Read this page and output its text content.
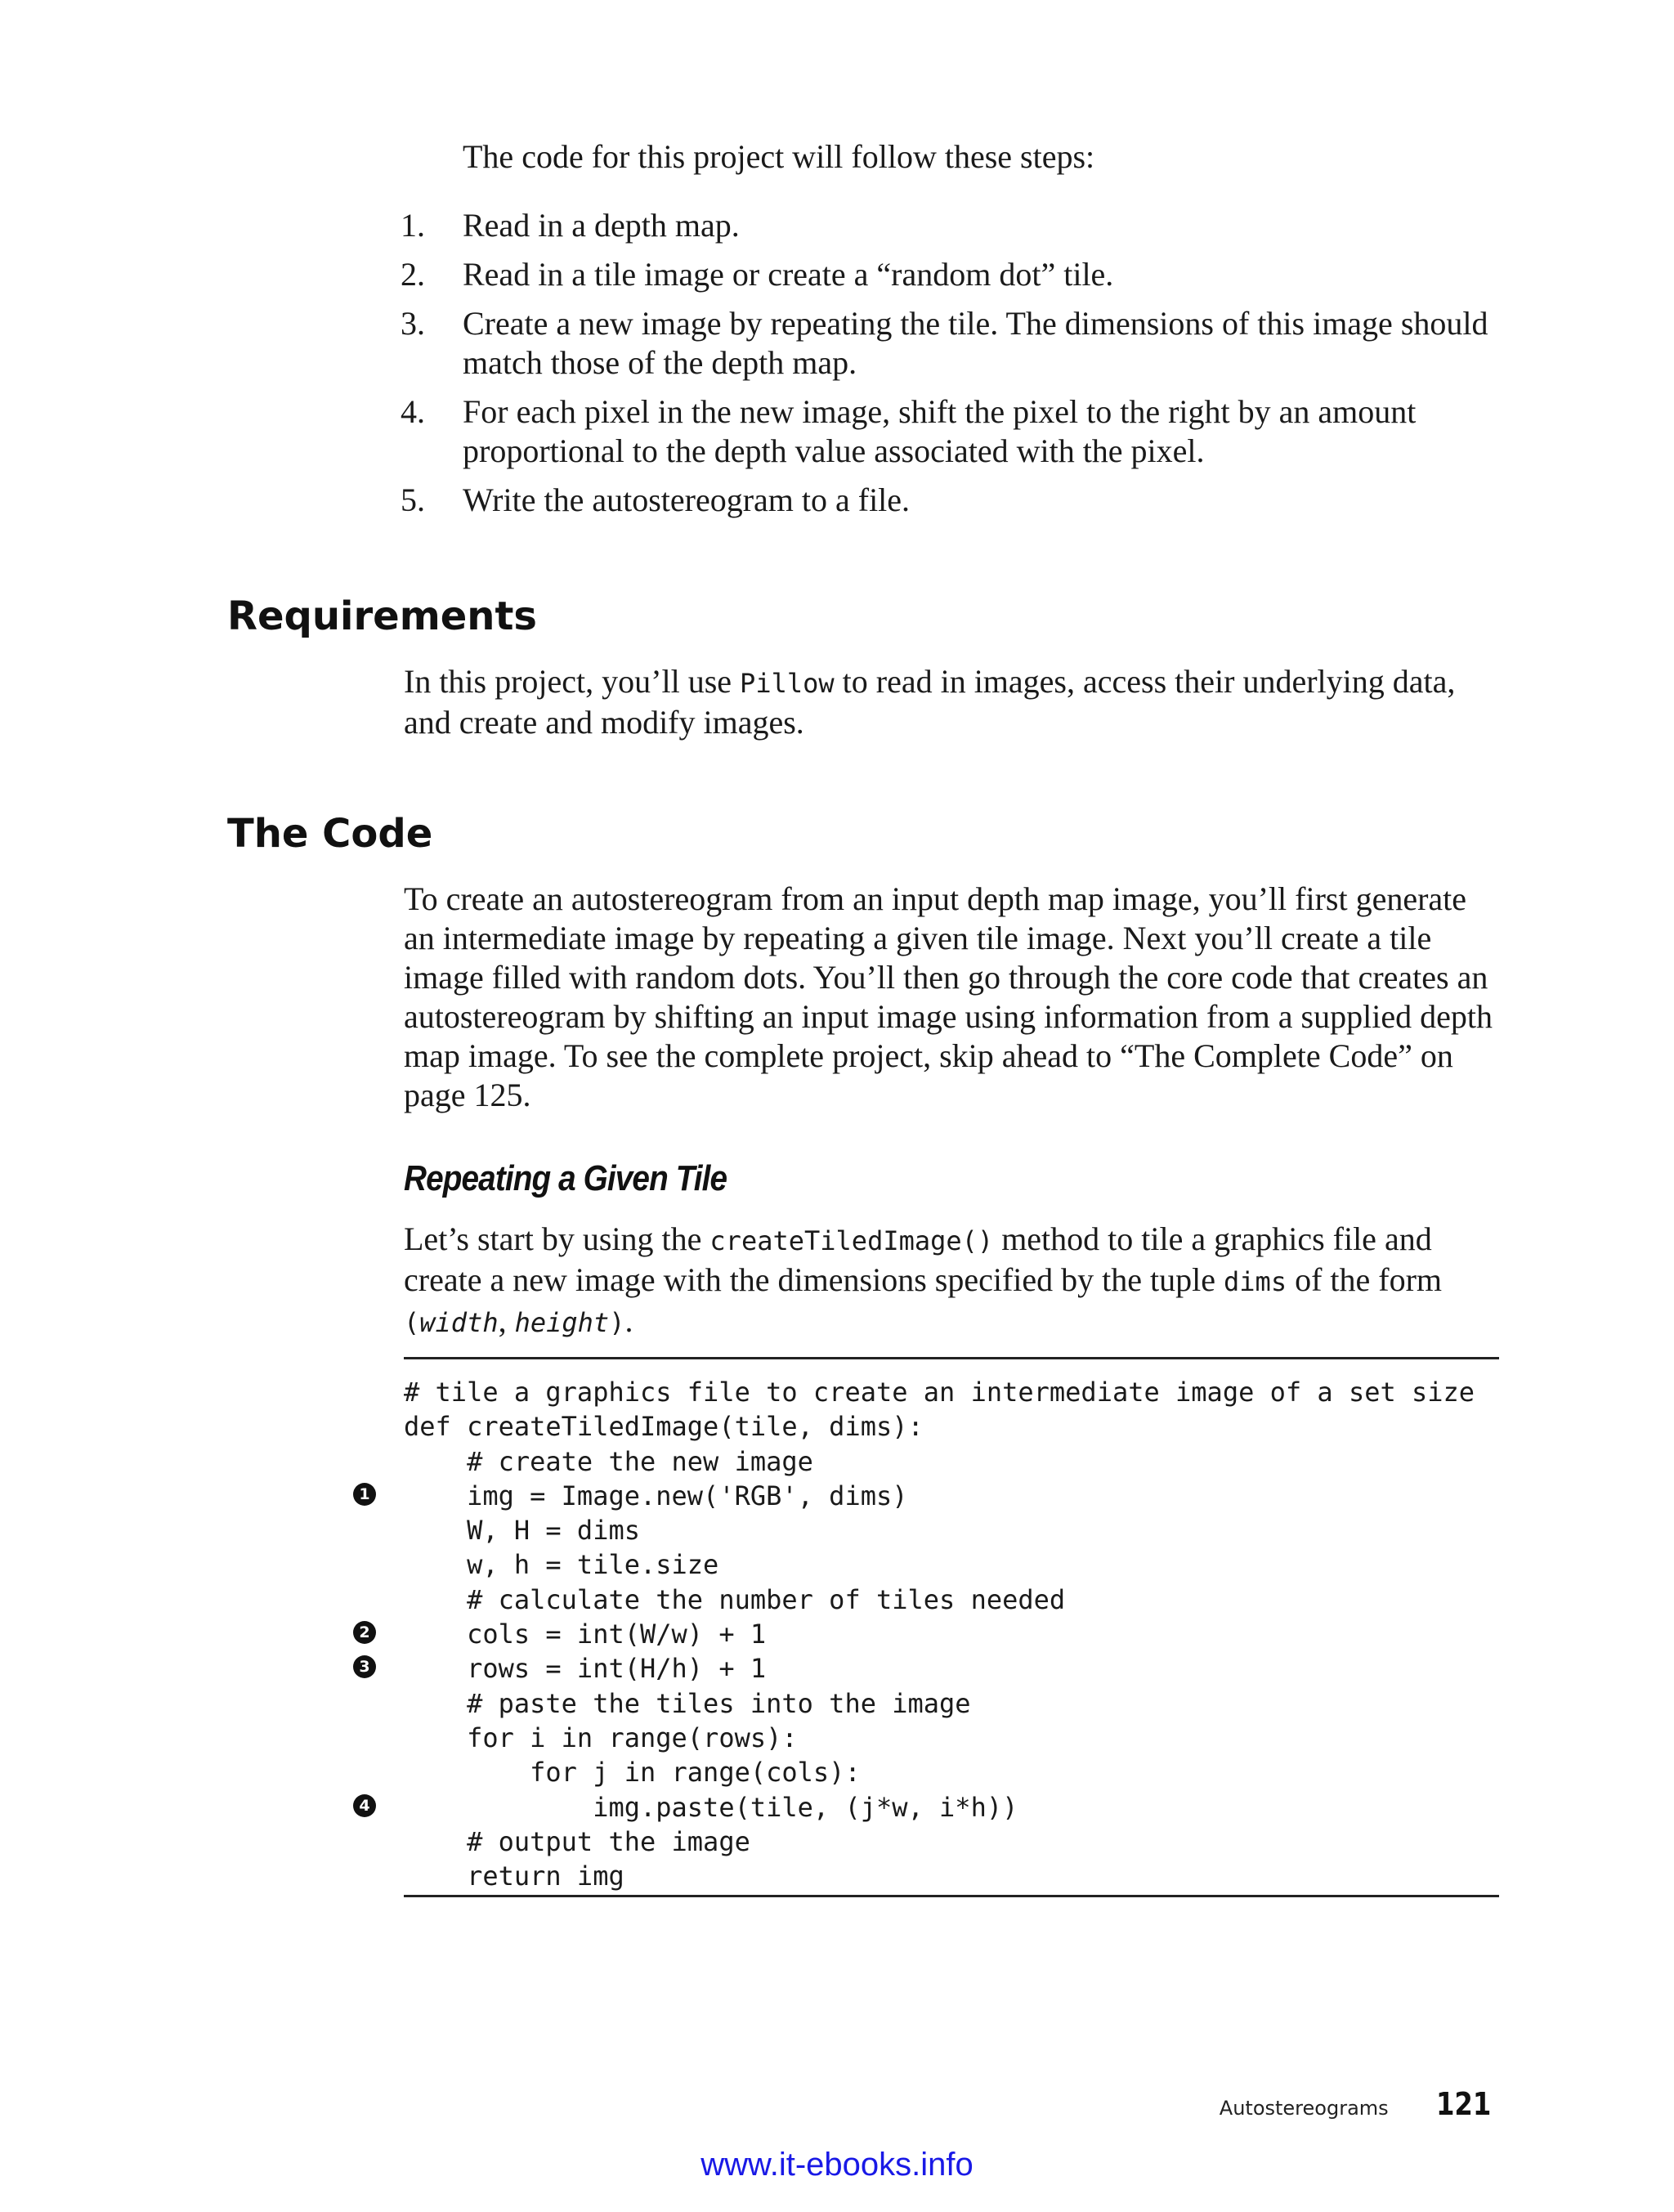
The code for this project will follow these steps:

1. Read in a depth map.
2. Read in a tile image or create a “random dot” tile.
3. Create a new image by repeating the tile. The dimensions of this image should match those of the depth map.
4. For each pixel in the new image, shift the pixel to the right by an amount proportional to the depth value associated with the pixel.
5. Write the autostereogram to a file.
Requirements

In this project, you’ll use Pillow to read in images, access their underlying data, and create and modify images.

The Code

To create an autostereogram from an input depth map image, you’ll first generate an intermediate image by repeating a given tile image. Next you’ll create a tile image filled with random dots. You’ll then go through the core code that creates an autostereogram by shifting an input image using information from a supplied depth map image. To see the complete project, skip ahead to “The Complete Code” on page 125.

Repeating a Given Tile

Let’s start by using the createTiledImage() method to tile a graphics file and create a new image with the dimensions specified by the tuple dims of the form (width, height).

# tile a graphics file to create an intermediate image of a set size
def createTiledImage(tile, dims):
# create the new image
1 img = Image.new('RGB', dims)
W, H = dims
w, h = tile.size
# calculate the number of tiles needed
2 cols = int(W/w) + 1
3 rows = int(H/h) + 1
# paste the tiles into the image
for i in range(rows):
for j in range(cols):
4 img.paste(tile, (j*w, i*h))
# output the image
return img
Autostereograms 121
www.it-ebooks.info
